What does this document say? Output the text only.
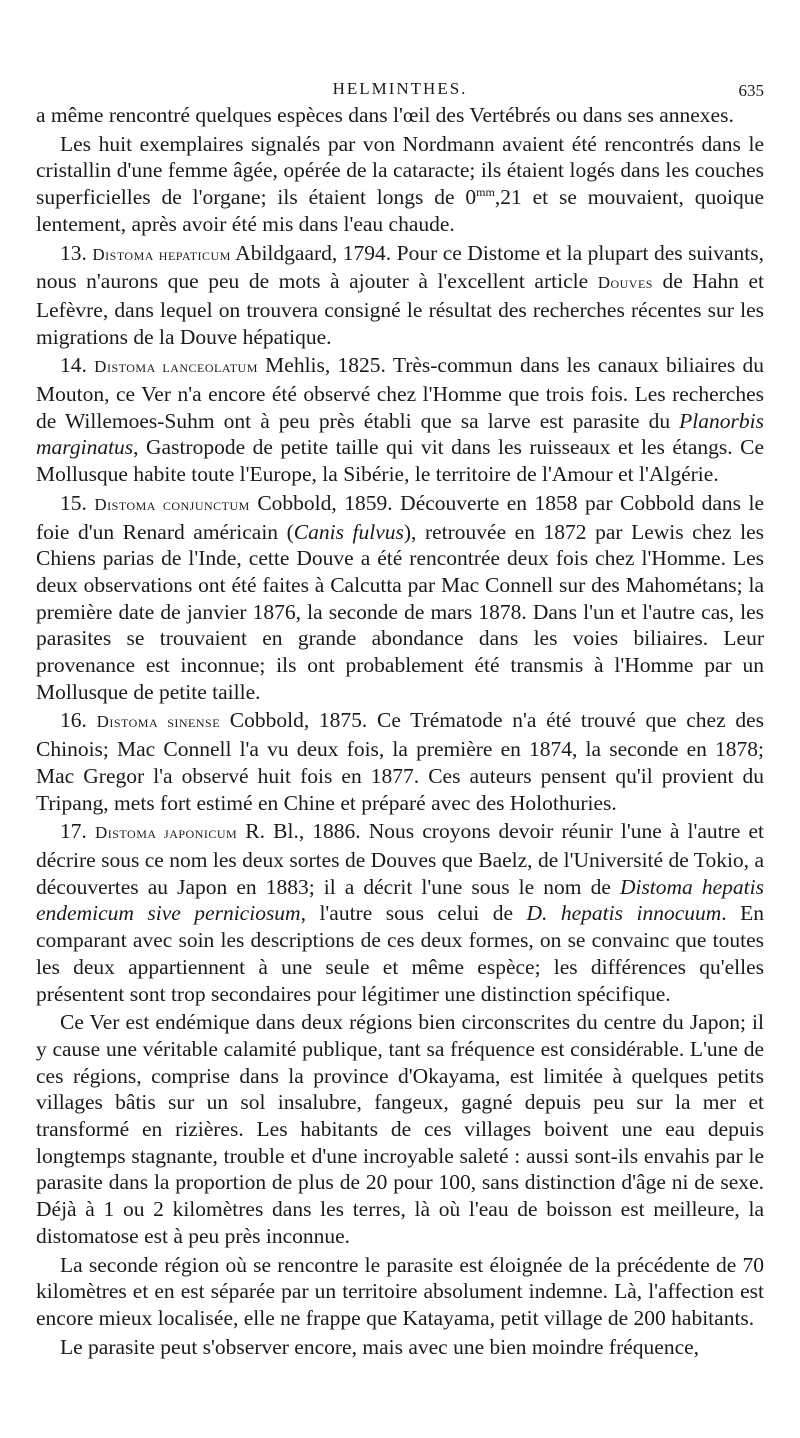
HELMINTHES.	635

a même rencontré quelques espèces dans l'œil des Vertébrés ou dans ses annexes.

Les huit exemplaires signalés par von Nordmann avaient été rencontrés dans le cristallin d'une femme âgée, opérée de la cataracte; ils étaient logés dans les couches superficielles de l'organe; ils étaient longs de $0^{mm},21$ et se mouvaient, quoique lentement, après avoir été mis dans l'eau chaude.

13. Distoma hepaticum Abildgaard, 1794. Pour ce Distome et la plupart des suivants, nous n'aurons que peu de mots à ajouter à l'excellent article Douves de Hahn et Lefèvre, dans lequel on trouvera consigné le résultat des recherches récentes sur les migrations de la Douve hépatique.

14. Distoma lanceolatum Mehlis, 1825. Très-commun dans les canaux biliaires du Mouton, ce Ver n'a encore été observé chez l'Homme que trois fois. Les recherches de Willemoes-Suhm ont à peu près établi que sa larve est parasite du Planorbis marginatus, Gastropode de petite taille qui vit dans les ruisseaux et les étangs. Ce Mollusque habite toute l'Europe, la Sibérie, le territoire de l'Amour et l'Algérie.

15. Distoma conjunctum Cobbold, 1859. Découverte en 1858 par Cobbold dans le foie d'un Renard américain (Canis fulvus), retrouvée en 1872 par Lewis chez les Chiens parias de l'Inde, cette Douve a été rencontrée deux fois chez l'Homme. Les deux observations ont été faites à Calcutta par Mac Connell sur des Mahométans; la première date de janvier 1876, la seconde de mars 1878. Dans l'un et l'autre cas, les parasites se trouvaient en grande abondance dans les voies biliaires. Leur provenance est inconnue; ils ont probablement été transmis à l'Homme par un Mollusque de petite taille.

16. Distoma sinense Cobbold, 1875. Ce Trématode n'a été trouvé que chez des Chinois; Mac Connell l'a vu deux fois, la première en 1874, la seconde en 1878; Mac Gregor l'a observé huit fois en 1877. Ces auteurs pensent qu'il provient du Tripang, mets fort estimé en Chine et préparé avec des Holothuries.

17. Distoma japonicum R. Bl., 1886. Nous croyons devoir réunir l'une à l'autre et décrire sous ce nom les deux sortes de Douves que Baelz, de l'Université de Tokio, a découvertes au Japon en 1883; il a décrit l'une sous le nom de Distoma hepatis endemicum sive perniciosum, l'autre sous celui de D. hepatis innocuum. En comparant avec soin les descriptions de ces deux formes, on se convainc que toutes les deux appartiennent à une seule et même espèce; les différences qu'elles présentent sont trop secondaires pour légitimer une distinction spécifique.

Ce Ver est endémique dans deux régions bien circonscrites du centre du Japon; il y cause une véritable calamité publique, tant sa fréquence est considérable. L'une de ces régions, comprise dans la province d'Okayama, est limitée à quelques petits villages bâtis sur un sol insalubre, fangeux, gagné depuis peu sur la mer et transformé en rizières. Les habitants de ces villages boivent une eau depuis longtemps stagnante, trouble et d'une incroyable saleté : aussi sont-ils envahis par le parasite dans la proportion de plus de 20 pour 100, sans distinction d'âge ni de sexe. Déjà à 1 ou 2 kilomètres dans les terres, là où l'eau de boisson est meilleure, la distomatose est à peu près inconnue.

La seconde région où se rencontre le parasite est éloignée de la précédente de 70 kilomètres et en est séparée par un territoire absolument indemne. Là, l'affection est encore mieux localisée, elle ne frappe que Katayama, petit village de 200 habitants.

Le parasite peut s'observer encore, mais avec une bien moindre fréquence,
